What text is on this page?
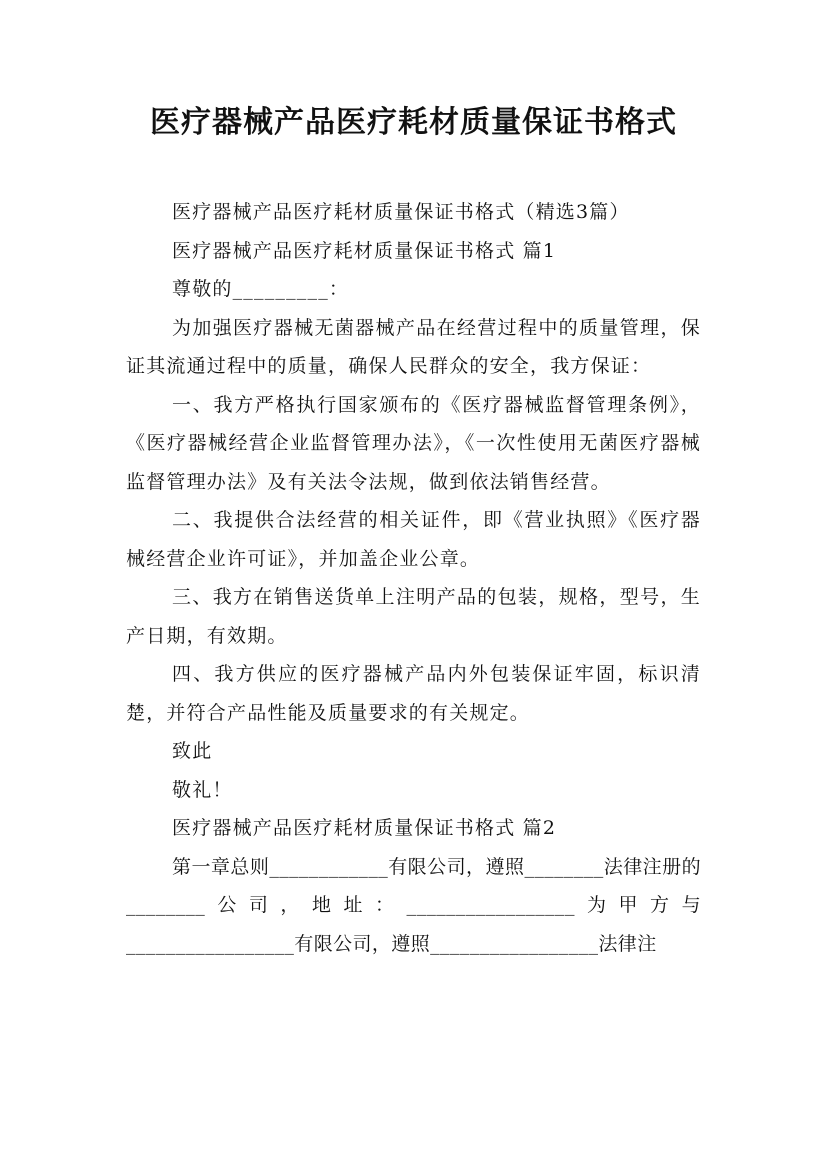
医疗器械产品医疗耗材质量保证书格式

医疗器械产品医疗耗材质量保证书格式（精选3篇）

医疗器械产品医疗耗材质量保证书格式 篇1

尊敬的_________：

为加强医疗器械无菌器械产品在经营过程中的质量管理，保证其流通过程中的质量，确保人民群众的安全，我方保证：

一、我方严格执行国家颁布的《医疗器械监督管理条例》，《医疗器械经营企业监督管理办法》，《一次性使用无菌医疗器械监督管理办法》及有关法令法规，做到依法销售经营。

二、我提供合法经营的相关证件，即《营业执照》《医疗器械经营企业许可证》，并加盖企业公章。

三、我方在销售送货单上注明产品的包装，规格，型号，生产日期，有效期。

四、我方供应的医疗器械产品内外包装保证牢固，标识清楚，并符合产品性能及质量要求的有关规定。

致此

敬礼！

医疗器械产品医疗耗材质量保证书格式 篇2

第一章总则____________有限公司，遵照________法律注册的________公司，地址：_________________为甲方与_________________有限公司，遵照_________________法律注
